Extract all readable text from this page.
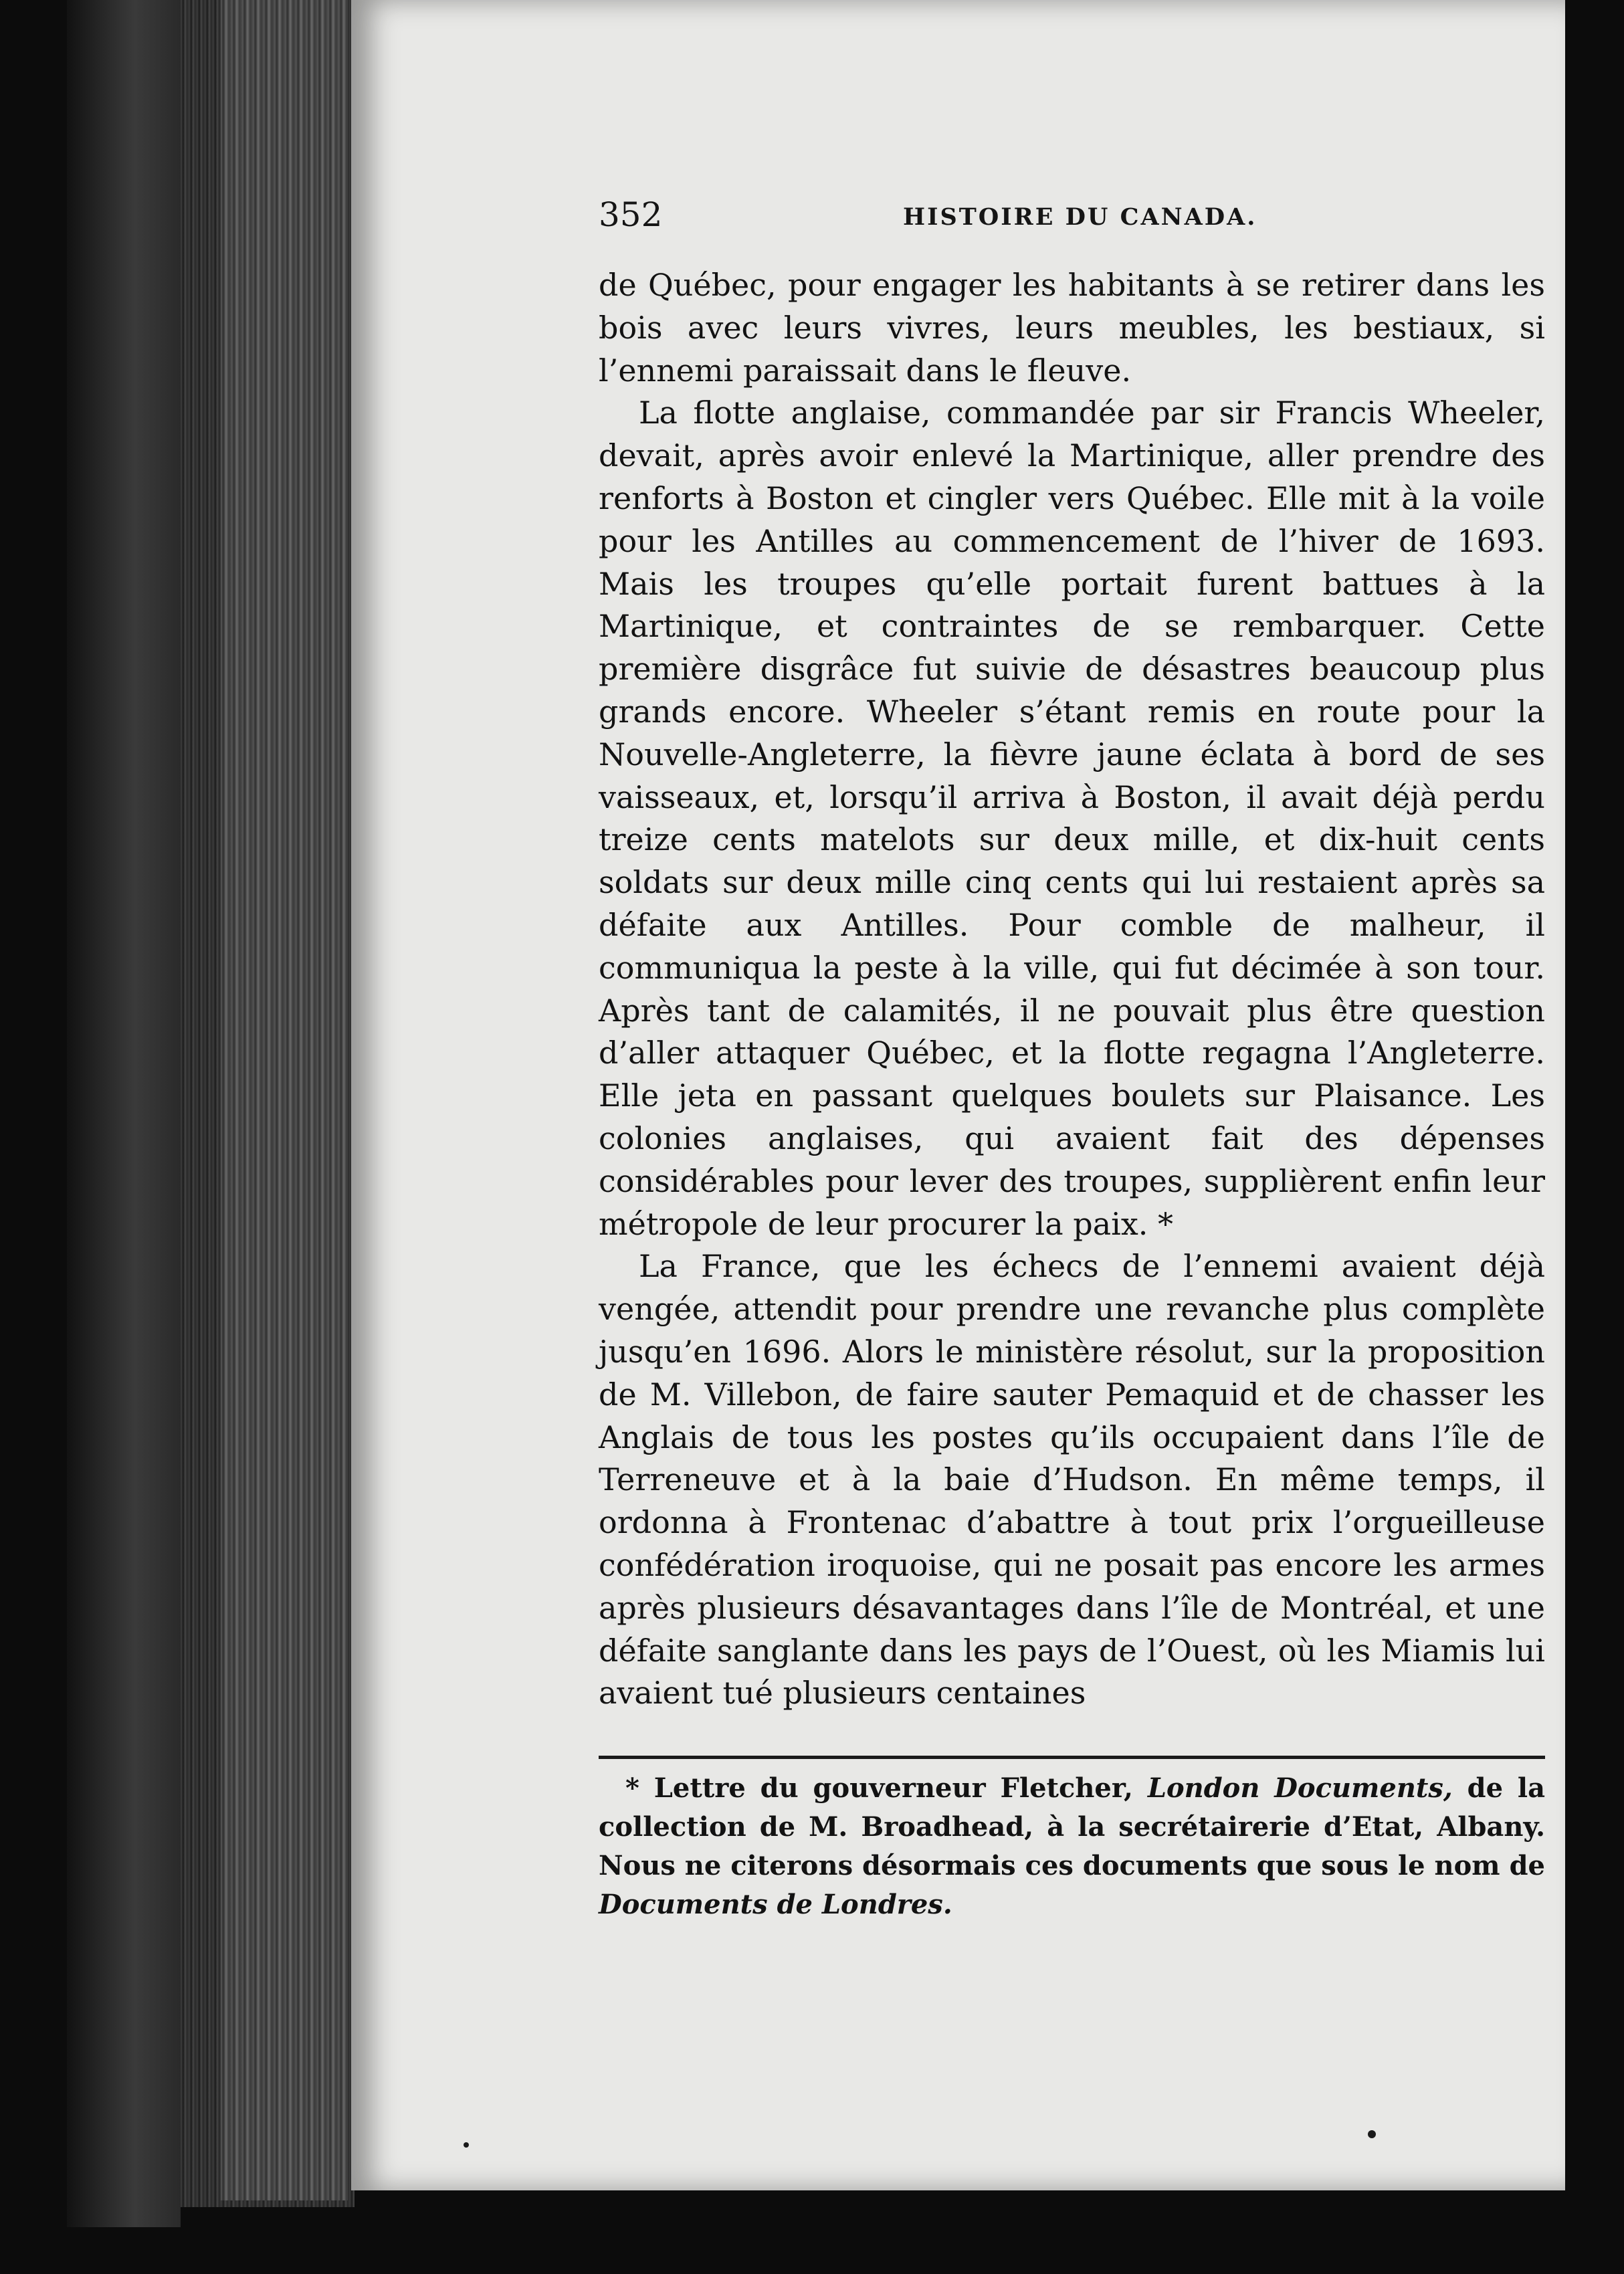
352	HISTOIRE DU CANADA.

de Québec, pour engager les habitants à se retirer dans les bois avec leurs vivres, leurs meubles, les bestiaux, si l’ennemi paraissait dans le fleuve.

La flotte anglaise, commandée par sir Francis Wheeler, devait, après avoir enlevé la Martinique, aller prendre des renforts à Boston et cingler vers Québec. Elle mit à la voile pour les Antilles au commencement de l’hiver de 1693. Mais les troupes qu’elle portait furent battues à la Martinique, et contraintes de se rembarquer. Cette première disgrâce fut suivie de désastres beaucoup plus grands encore. Wheeler s’étant remis en route pour la Nouvelle-Angleterre, la fièvre jaune éclata à bord de ses vaisseaux, et, lorsqu’il arriva à Boston, il avait déjà perdu treize cents matelots sur deux mille, et dix-huit cents soldats sur deux mille cinq cents qui lui restaient après sa défaite aux Antilles. Pour comble de malheur, il communiqua la peste à la ville, qui fut décimée à son tour. Après tant de calamités, il ne pouvait plus être question d’aller attaquer Québec, et la flotte regagna l’Angleterre. Elle jeta en passant quelques boulets sur Plaisance. Les colonies anglaises, qui avaient fait des dépenses considérables pour lever des troupes, supplièrent enfin leur métropole de leur procurer la paix. *

La France, que les échecs de l’ennemi avaient déjà vengée, attendit pour prendre une revanche plus complète jusqu’en 1696. Alors le ministère résolut, sur la proposition de M. Villebon, de faire sauter Pemaquid et de chasser les Anglais de tous les postes qu’ils occupaient dans l’île de Terreneuve et à la baie d’Hudson. En même temps, il ordonna à Frontenac d’abattre à tout prix l’orgueilleuse confédération iroquoise, qui ne posait pas encore les armes après plusieurs désavantages dans l’île de Montréal, et une défaite sanglante dans les pays de l’Ouest, où les Miamis lui avaient tué plusieurs centaines

* Lettre du gouverneur Fletcher, London Documents, de la collection de M. Broadhead, à la secrétairerie d’Etat, Albany. Nous ne citerons désormais ces documents que sous le nom de Documents de Londres.
